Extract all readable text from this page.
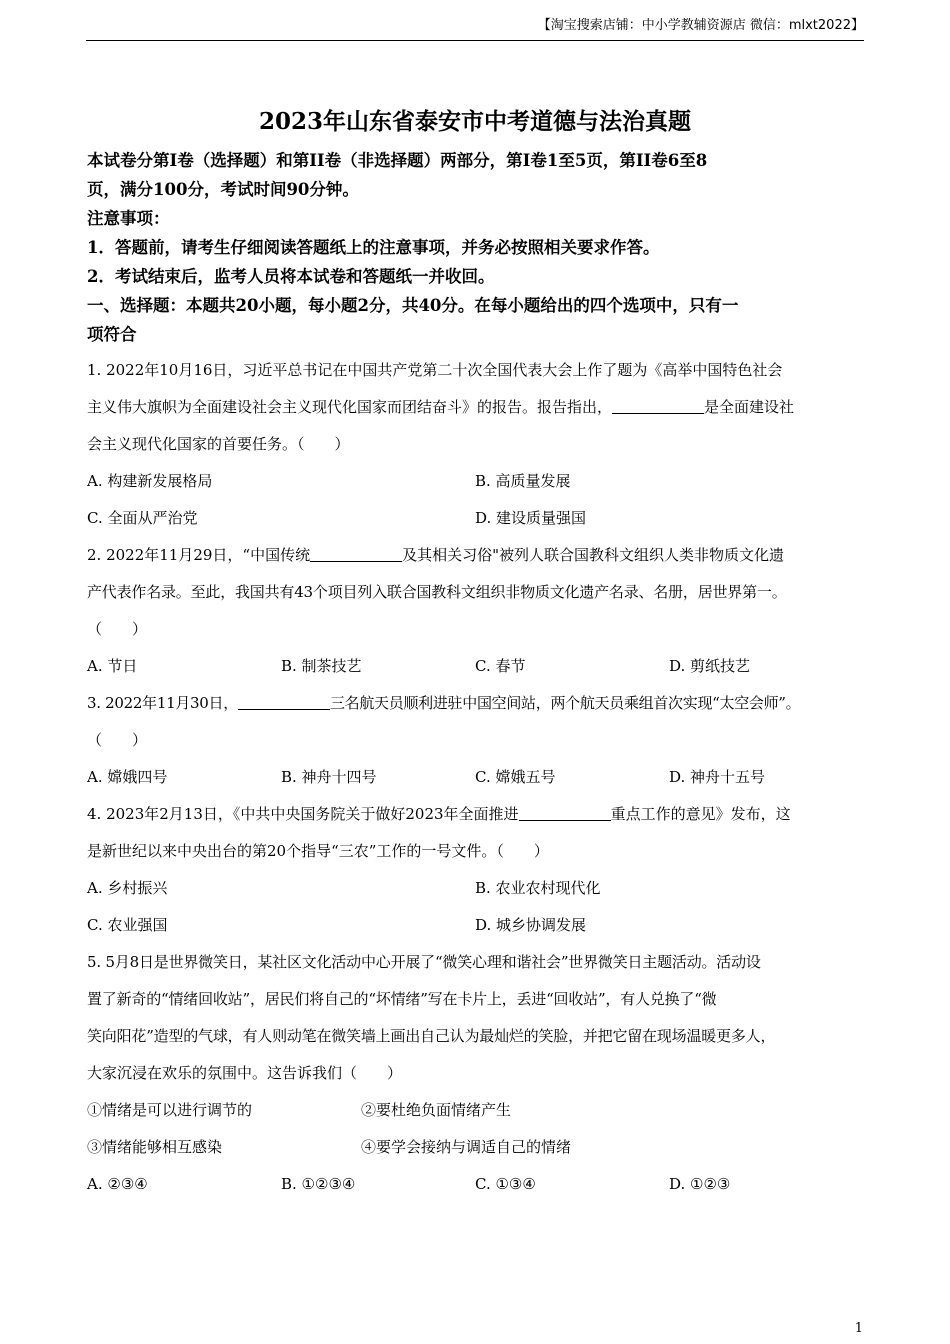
【淘宝搜索店铺：中小学教辅资源店 微信：mlxt2022】
2023年山东省泰安市中考道德与法治真题
本试卷分第Ⅰ卷（选择题）和第II卷（非选择题）两部分，第I卷1至5页，第II卷6至8
页，满分100分，考试时间90分钟。
注意事项：
1．答题前，请考生仔细阅读答题纸上的注意事项，并务必按照相关要求作答。
2．考试结束后，监考人员将本试卷和答题纸一并收回。
一、选择题：本题共20小题，每小题2分，共40分。在每小题给出的四个选项中，只有一
项符合
1. 2022年10月16日，习近平总书记在中国共产党第二十次全国代表大会上作了题为《高举中国特色社会
主义伟大旗帜为全面建设社会主义现代化国家而团结奋斗》的报告。报告指出，	是全面建设社
会主义现代化国家的首要任务。（　　）
A. 构建新发展格局	B. 高质量发展
C. 全面从严治党	D. 建设质量强国
2. 2022年11月29日，“中国传统	及其相关习俗"被列人联合国教科文组织人类非物质文化遗
产代表作名录。至此，我国共有43个项目列入联合国教科文组织非物质文化遗产名录、名册，居世界第一。
（　　）
A. 节日	B. 制茶技艺	C. 春节	D. 剪纸技艺
3. 2022年11月30日，	三名航天员顺利进驻中国空间站，两个航天员乘组首次实现“太空会师”。
（　　）
A. 嫦娥四号	B. 神舟十四号	C. 嫦娥五号	D. 神舟十五号
4. 2023年2月13日，《中共中央国务院关于做好2023年全面推进	重点工作的意见》发布，这
是新世纪以来中央出台的第20个指导“三农”工作的一号文件。（　　）
A. 乡村振兴	B. 农业农村现代化
C. 农业强国	D. 城乡协调发展
5. 5月8日是世界微笑日，某社区文化活动中心开展了“微笑心理和谐社会”世界微笑日主题活动。活动设
置了新奇的“情绪回收站”，居民们将自己的“坏情绪”写在卡片上，丢进“回收站”，有人兑换了“微
笑向阳花”造型的气球，有人则动笔在微笑墙上画出自己认为最灿烂的笑脸，并把它留在现场温暖更多人，
大家沉浸在欢乐的氛围中。这告诉我们（　　）
①情绪是可以进行调节的	②要杜绝负面情绪产生
③情绪能够相互感染	④要学会接纳与调适自己的情绪
A. ②③④	B. ①②③④	C. ①③④	D. ①②③
1
